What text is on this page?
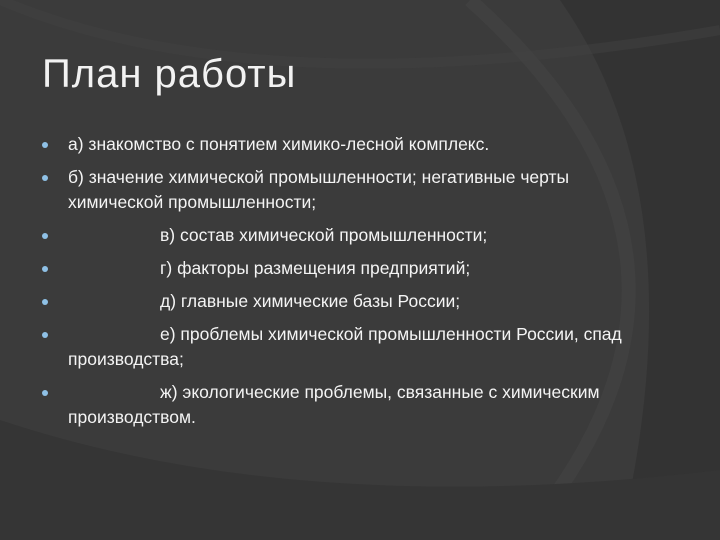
План работы
а) знакомство с понятием химико-лесной комплекс.
б) значение химической промышленности; негативные черты химической промышленности;
в) состав химической промышленности;
г) факторы размещения предприятий;
д) главные химические базы России;
е) проблемы химической промышленности России, спад производства;
ж) экологические проблемы, связанные с химическим производством.
